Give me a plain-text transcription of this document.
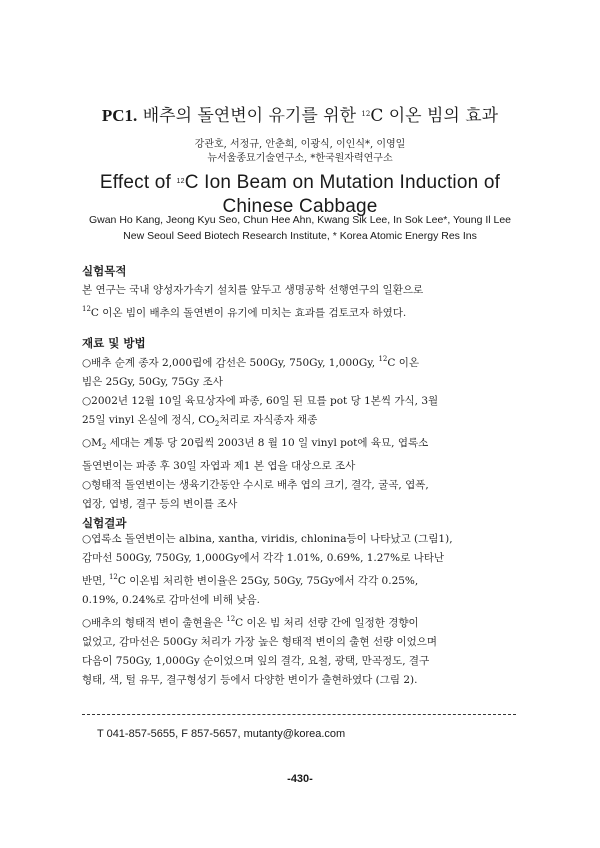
PC1. 배추의 돌연변이 유기를 위한 $^{12}$C 이온 빔의 효과
강관호, 서정규, 안춘희, 이광식, 이인식*, 이영일
뉴서울종묘기술연구소, *한국원자력연구소
Effect of $^{12}$C Ion Beam on Mutation Induction of
Chinese Cabbage
Gwan Ho Kang, Jeong Kyu Seo, Chun Hee Ahn, Kwang Sik Lee, In Sok Lee*, Young Il Lee
New Seoul Seed Biotech Research Institute, * Korea Atomic Energy Res Ins
실험목적
본 연구는 국내 양성자가속기 설치를 앞두고 생명공학 선행연구의 일환으로
$^{12}$C 이온 빔이 배추의 돌연변이 유기에 미치는 효과를 검토코자 하였다.
재료 및 방법
○배추 순계 종자 2,000립에 감선은 500Gy, 750Gy, 1,000Gy, $^{12}$C 이온
빔은 25Gy, 50Gy, 75Gy 조사
○2002년 12월 10일 육묘상자에 파종, 60일 된 묘를 pot 당 1본씩 가식, 3월
25일 vinyl 온실에 정식, $CO_2$처리로 자식종자 채종
$○M_2$ 세대는 계통 당 20립씩 2003년 8 월 10 일 vinyl pot에 육묘, 엽록소
돌연변이는 파종 후 30일 자엽과 제1 본 엽을 대상으로 조사
○형태적 돌연변이는 생육기간동안 수시로 배추 엽의 크기, 결각, 굴곡, 엽폭,
엽장, 엽병, 결구 등의 변이를 조사
실험결과
○엽록소 돌연변이는 albina, xantha, viridis, chlonina등이 나타났고 (그림1),
감마선 500Gy, 750Gy, 1,000Gy에서 각각 1.01%, 0.69%, 1.27%로 나타난
반면, $^{12}$C 이온빔 처리한 변이율은 25Gy, 50Gy, 75Gy에서 각각 0.25%,
0.19%, 0.24%로 감마선에 비해 낮음.
○배추의 형태적 변이 출현율은 $^{12}$C 이온 빔 처리 선량 간에 일정한 경향이
없었고, 감마선은 500Gy 처리가 가장 높은 형태적 변이의 출현 선량 이었으며
다음이 750Gy, 1,000Gy 순이었으며 잎의 결각, 요철, 광택, 만곡정도, 결구
형태, 색, 털 유무, 결구형성기 등에서 다양한 변이가 출현하였다 (그림 2).
T 041-857-5655, F 857-5657, mutanty@korea.com
-430-
